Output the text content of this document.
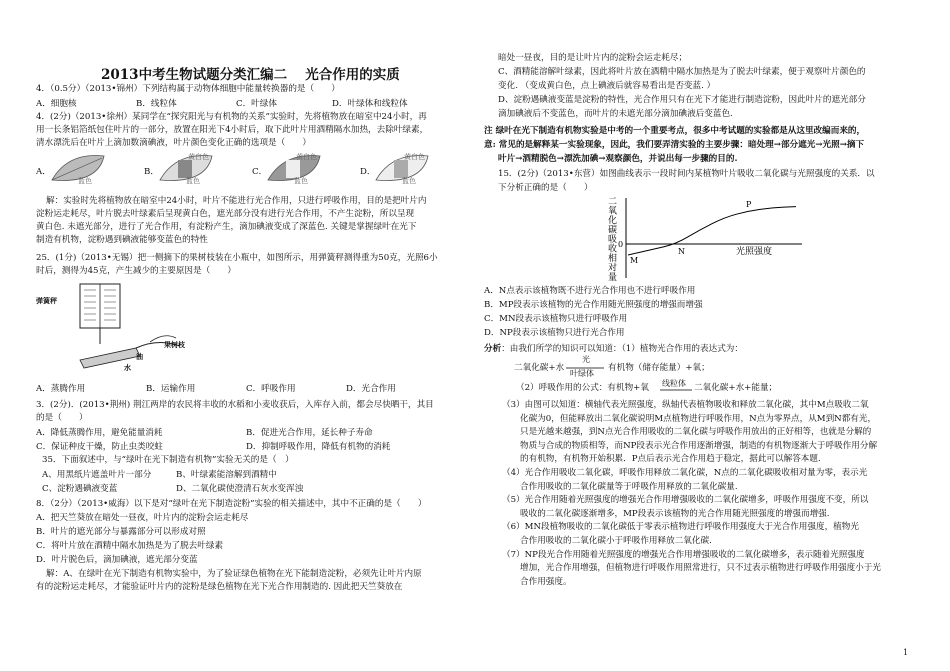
2013中考生物试题分类汇编二　 光合作用的实质
4．（0.5分）（2013•锦州）下列结构属于动物体细胞中能量转换器的是（　　）
A．细胞核	B．线粒体	C．叶绿体	D．叶绿体和线粒体
4．(2分)（2013•徐州）某同学在“探究阳光与有机物的关系”实验时，先将植物放在暗室中24小时，再
用一长条铝箔纸包住叶片的一部分，放置在阳光下4小时后，取下此叶片用酒精隔水加热，去除叶绿素，
清水漂洗后在叶片上滴加数滴碘液，叶片颜色变化正确的选项是（　　）
A．
蓝色
B．
黄白色
蓝色
C．
黄白色
蓝色
D．
黄白色
蓝色
解：实验时先将植物放在暗室中24小时，叶片不能进行光合作用，只进行呼吸作用，目的是把叶片内
淀粉运走耗尽，叶片脱去叶绿素后呈现黄白色，遮光部分没有进行光合作用，不产生淀粉，所以呈现
黄白色. 未遮光部分，进行了光合作用，有淀粉产生，滴加碘液变成了深蓝色. 关键是掌握绿叶在光下
制造有机物，淀粉遇到碘液能够变蓝色的特性
25．(1分)（2013•无锡）把一侧摘下的果树枝装在小瓶中，如图所示，用弹簧秤测得重为50克，光照6小
时后，测得为45克，产生减少的主要原因是（　　）
弹簧秤
果树枝
油
水
A．蒸腾作用	B．运输作用	C．呼吸作用	D．光合作用
3．(2分)．(2013•荆州) 荆江两岸的农民将丰收的水稻和小麦收获后，入库存入前，都会尽快晒干，其目
的是（　　）
A．降低蒸腾作用，避免能量消耗	B．促进光合作用，延长种子寿命
C．保证种皮干燥，防止虫类咬蛀	D．抑制呼吸作用，降低有机物的消耗
35．下面叙述中，与“绿叶在光下制造有机物”实验无关的是（　）
A、用黑纸片遮盖叶片一部分	B、叶绿素能溶解到酒精中
C、淀粉遇碘液变蓝	D、二氧化碳使澄清石灰水变浑浊
8．（2分）（2013•威海）以下是对“绿叶在光下制造淀粉”实验的相关描述中，其中不正确的是（　　）
A．把天竺葵放在暗处一昼夜，叶片内的淀粉会运走耗尽
B．叶片的遮光部分与暴露部分可以形成对照
C．将叶片放在酒精中隔水加热是为了脱去叶绿素
D．叶片脱色后，滴加碘液，遮光部分变蓝
解：A、在绿叶在光下制造有机物实验中，为了验证绿色植物在光下能制造淀粉，必须先让叶片内原
有的淀粉运走耗尽，才能验证叶片内的淀粉是绿色植物在光下光合作用制造的. 因此把天竺葵放在
暗处一昼夜，目的是让叶片内的淀粉会运走耗尽；
C、酒精能溶解叶绿素，因此将叶片放在酒精中隔水加热是为了脱去叶绿素，便于观察叶片颜色的
变化. （变成黄白色，点上碘液后就容易看出是否变蓝. ）
D、淀粉遇碘液变蓝是淀粉的特性，光合作用只有在光下才能进行制造淀粉，因此叶片的遮光部分
滴加碘液后不变蓝色，而叶片的未遮光部分滴加碘液后变蓝色.
注 绿叶在光下制造有机物实验是中考的一个重要考点，很多中考试题的实验都是从这里改编而来的，
意: 常见的是解释某一实验现象，因此，我们要弄清实验的主要步骤：暗处理→部分遮光→光照→摘下
叶片→酒精脱色→漂洗加碘→观察颜色，并说出每一步骤的目的.
15．(2分)（2013•东营）如图曲线表示一段时间内某植物叶片吸收二氧化碳与光照强度的关系．以
下分析正确的是（　　）
二氧化碳吸收相对量
0
光照强度
M
N
P
A．N点表示该植物既不进行光合作用也不进行呼吸作用
B．MP段表示该植物的光合作用随光照强度的增强而增强
C．MN段表示该植物只进行呼吸作用
D．NP段表示该植物只进行光合作用
分析：由我们所学的知识可以知道：（1）植物光合作用的表达式为：
二氧化碳+水
光
叶绿体
有机物（储存能量）+氧；
（2）呼吸作用的公式：有机物+氧 线粒体 二氧化碳+水+能量；
（3）由图可以知道：横轴代表光照强度，纵轴代表植物吸收和释放二氧化碳，其中M点吸收二氧
化碳为0，但能释放出二氧化碳说明M点植物进行呼吸作用，N点为零界点，从M到N都有光，
只是光越来越强，到N点光合作用吸收的二氧化碳与呼吸作用放出的正好相等，也就是分解的
物质与合成的物质相等，而NP段表示光合作用逐渐增强，制造的有机物逐渐大于呼吸作用分解
的有机物，有机物开始积累．P点后表示光合作用趋于稳定，据此可以解答本题.
（4）光合作用吸收二氧化碳，呼吸作用释放二氧化碳，N点的二氧化碳吸收相对量为零，表示光
合作用吸收的二氧化碳量等于呼吸作用释放的二氧化碳量.
（5）光合作用随着光照强度的增强光合作用增强吸收的二氧化碳增多，呼吸作用强度不变，所以
吸收的二氧化碳逐渐增多，MP段表示该植物的光合作用随光照强度的增强而增强.
（6）MN段植物吸收的二氧化碳低于零表示植物进行呼吸作用强度大于光合作用强度，植物光
合作用吸收的二氧化碳小于呼吸作用释放二氧化碳.
（7）NP段光合作用随着光照强度的增强光合作用增强吸收的二氧化碳增多，表示随着光照强度
增加，光合作用增强，但植物进行呼吸作用照常进行，只不过表示植物进行呼吸作用强度小于光
合作用强度。
1
